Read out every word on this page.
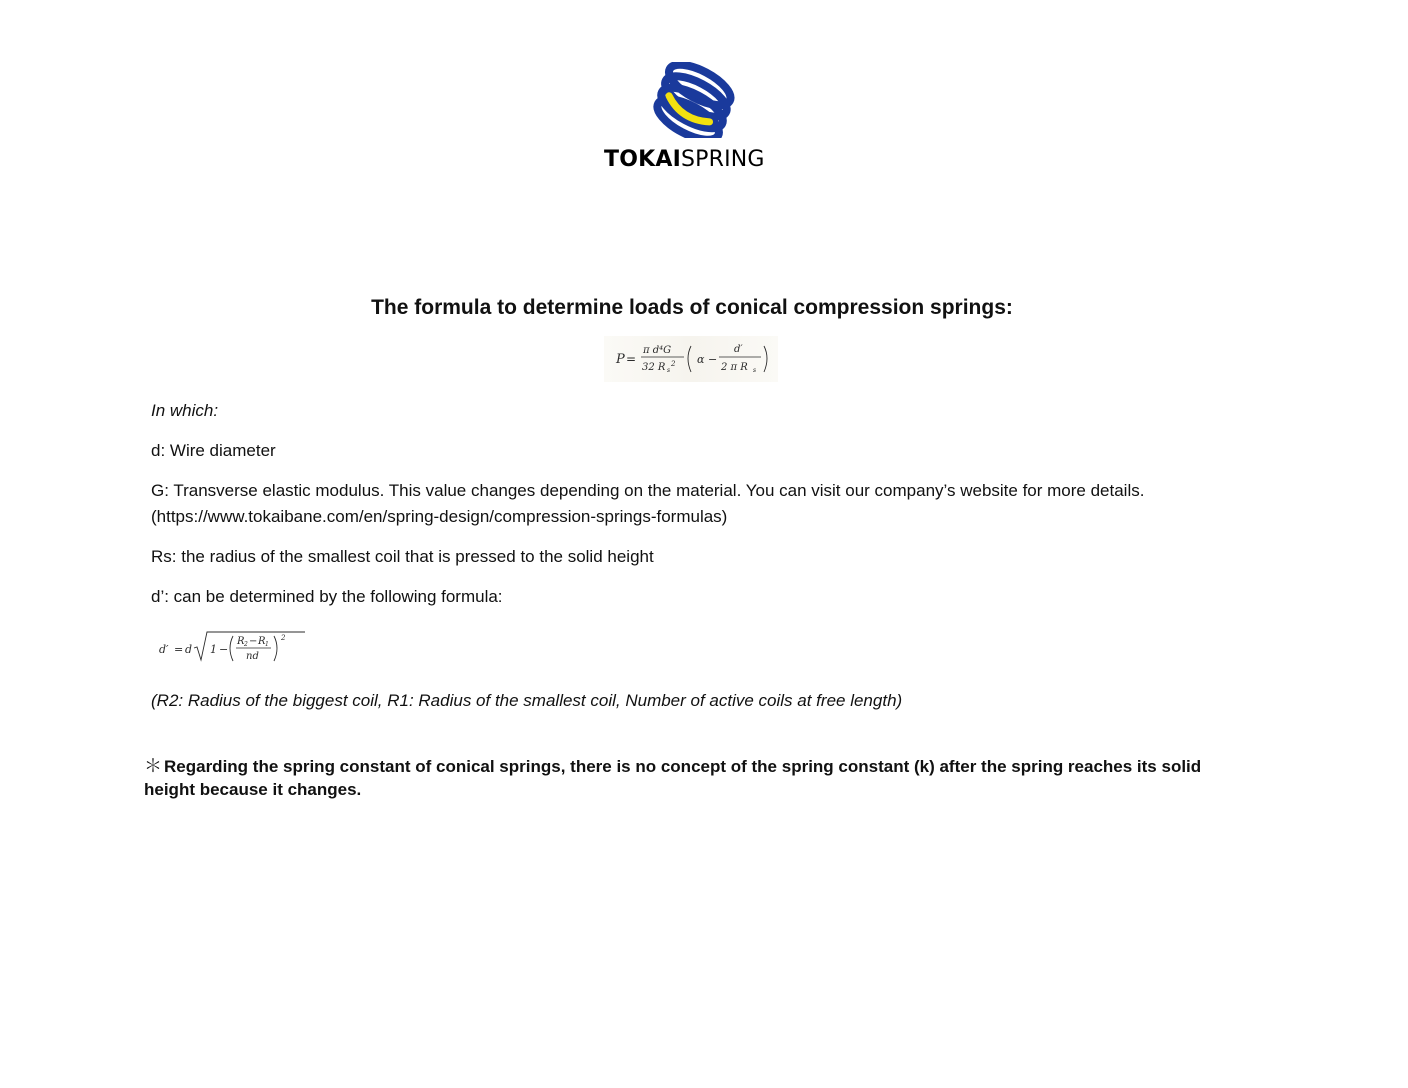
TOKAISPRING
The formula to determine loads of conical compression springs:
P =
π d⁴G
32 R s
2 α −
d′
2 π R s
In which:
d: Wire diameter
G: Transverse elastic modulus. This value changes depending on the material. You can visit our company’s website for more details.
(https://www.tokaibane.com/en/spring-design/compression-springs-formulas)
Rs: the radius of the smallest coil that is pressed to the solid height
d’: can be determined by the following formula:
d′ = d 1 −
R 2 − R 1
nd
2
(R2: Radius of the biggest coil, R1: Radius of the smallest coil, Number of active coils at free length)
＊ Regarding the spring constant of conical springs, there is no concept of the spring constant (k) after the spring reaches its solid height because it changes.
